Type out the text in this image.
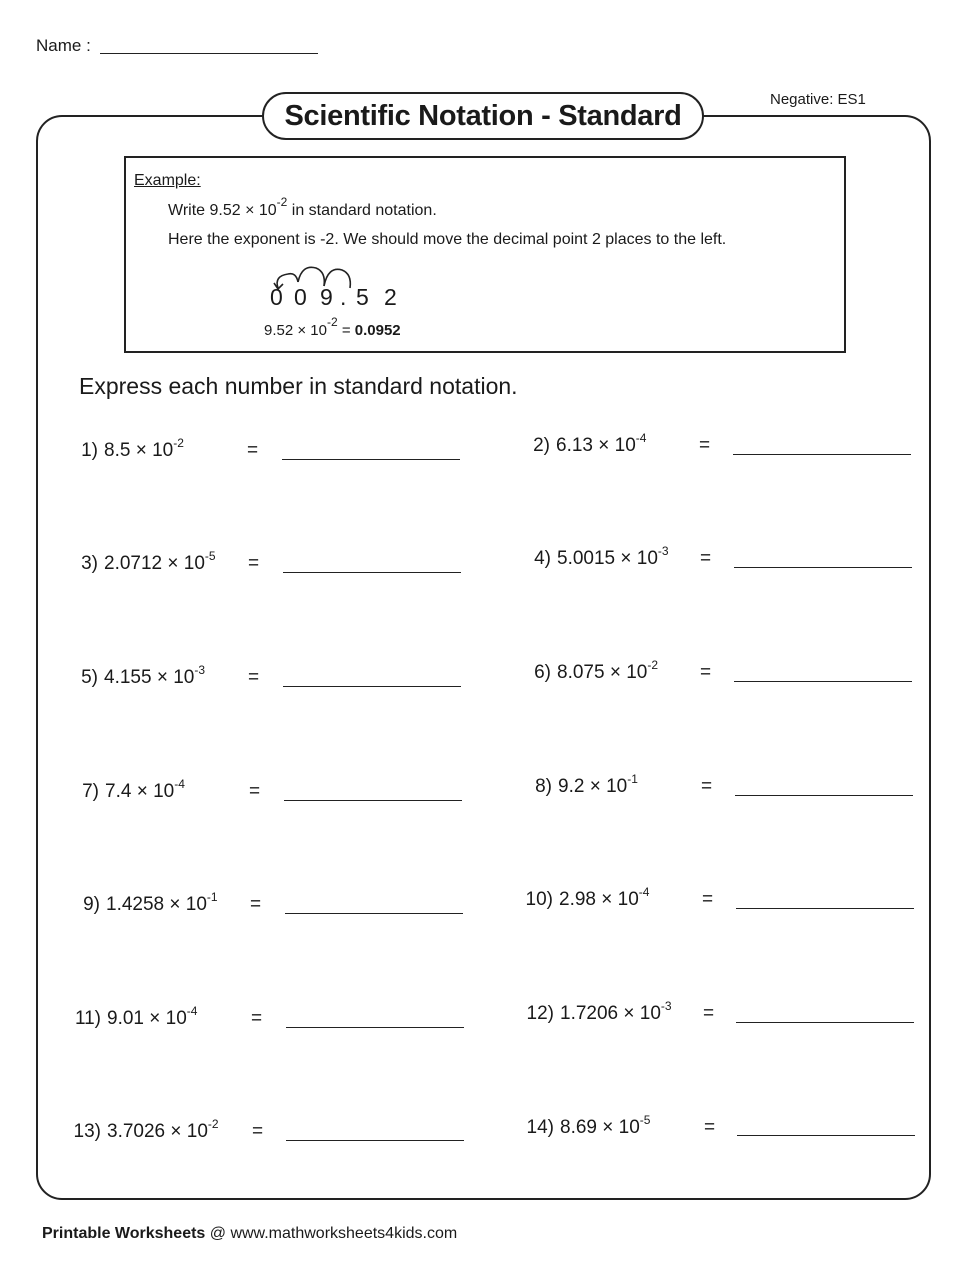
Name :
Negative: ES1
Scientific Notation - Standard
Example:
Write $9.52 \times 10^{-2}$ in standard notation.
Here the exponent is -2. We should move the decimal point 2 places to the left.
0 0 9 . 5 2
$9.52 \times 10^{-2} = 0.0952$
Express each number in standard notation.
1) $8.5 \times 10^{-2}$	=
3) $2.0712 \times 10^{-5}$ =
5) $4.155 \times 10^{-3}$ =
7) $7.4 \times 10^{-4}$	=
9) $1.4258 \times 10^{-1}$ =
11) $9.01 \times 10^{-4}$	=
13) $3.7026 \times 10^{-2}$ =
2) $6.13 \times 10^{-4}$	=
4) $5.0015 \times 10^{-3}$ =
6) $8.075 \times 10^{-2}$ =
8) $9.2 \times 10^{-1}$	=
10) $2.98 \times 10^{-4}$	=
12) $1.7206 \times 10^{-3}$ =
14) $8.69 \times 10^{-5}$	=
Printable Worksheets @ www.mathworksheets4kids.com
